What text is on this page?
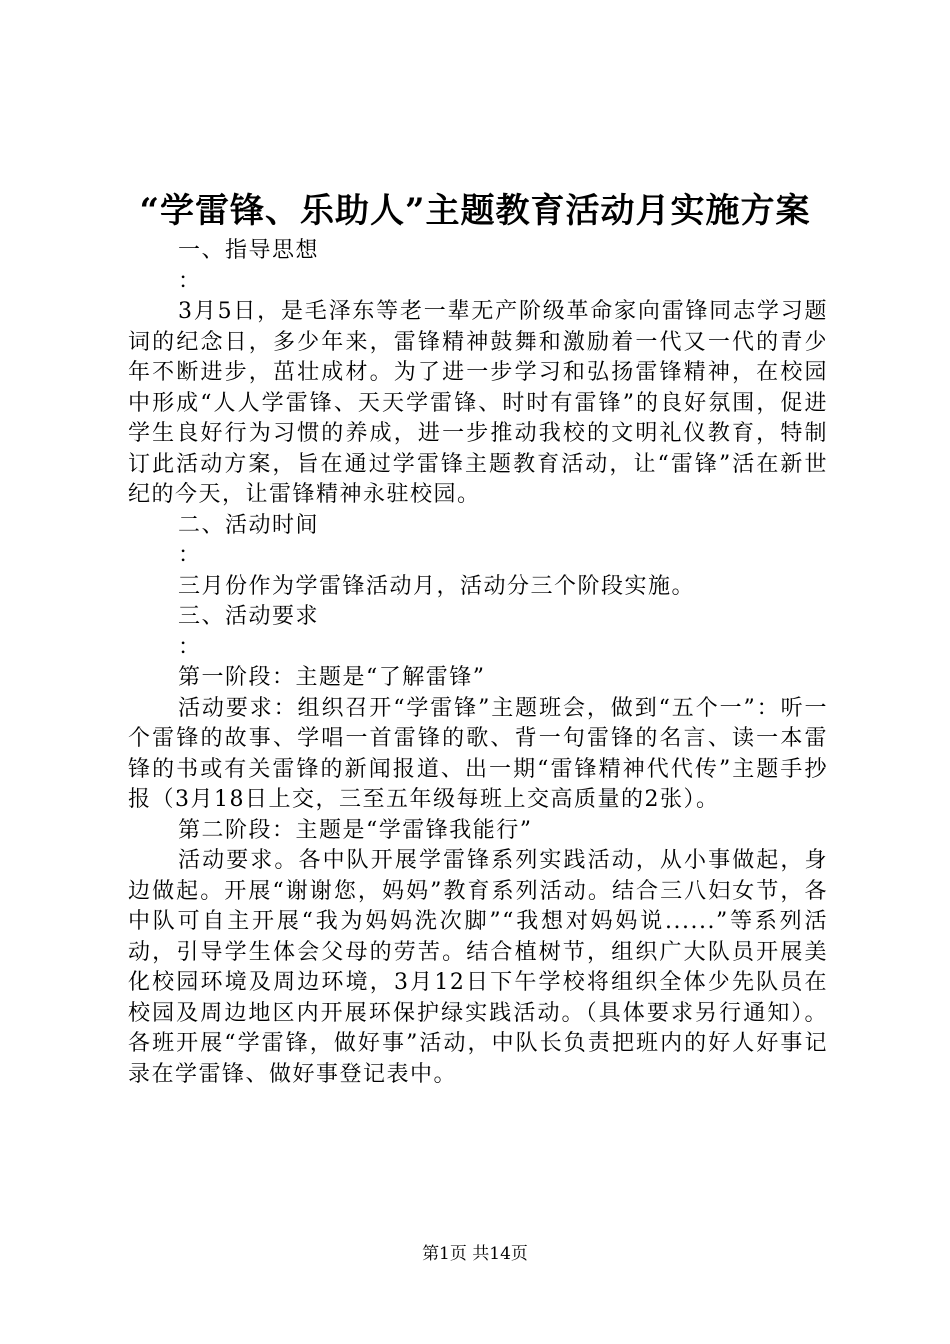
“学雷锋、乐助人”主题教育活动月实施方案

一、指导思想

：

3月5日，是毛泽东等老一辈无产阶级革命家向雷锋同志学习题词的纪念日，多少年来，雷锋精神鼓舞和激励着一代又一代的青少年不断进步，茁壮成材。为了进一步学习和弘扬雷锋精神，在校园中形成“人人学雷锋、天天学雷锋、时时有雷锋”的良好氛围，促进学生良好行为习惯的养成，进一步推动我校的文明礼仪教育，特制订此活动方案，旨在通过学雷锋主题教育活动，让“雷锋”活在新世纪的今天，让雷锋精神永驻校园。

二、活动时间

：

三月份作为学雷锋活动月，活动分三个阶段实施。

三、活动要求

：

第一阶段：主题是“了解雷锋”

活动要求：组织召开“学雷锋”主题班会，做到“五个一”：听一个雷锋的故事、学唱一首雷锋的歌、背一句雷锋的名言、读一本雷锋的书或有关雷锋的新闻报道、出一期“雷锋精神代代传”主题手抄报（3月18日上交，三至五年级每班上交高质量的2张）。

第二阶段：主题是“学雷锋我能行”

活动要求。各中队开展学雷锋系列实践活动，从小事做起，身边做起。开展“谢谢您，妈妈”教育系列活动。结合三八妇女节，各中队可自主开展“我为妈妈洗次脚”“我想对妈妈说......”等系列活动，引导学生体会父母的劳苦。结合植树节，组织广大队员开展美化校园环境及周边环境，3月12日下午学校将组织全体少先队员在校园及周边地区内开展环保护绿实践活动。（具体要求另行通知）。各班开展“学雷锋，做好事”活动，中队长负责把班内的好人好事记录在学雷锋、做好事登记表中。

第1页 共14页
